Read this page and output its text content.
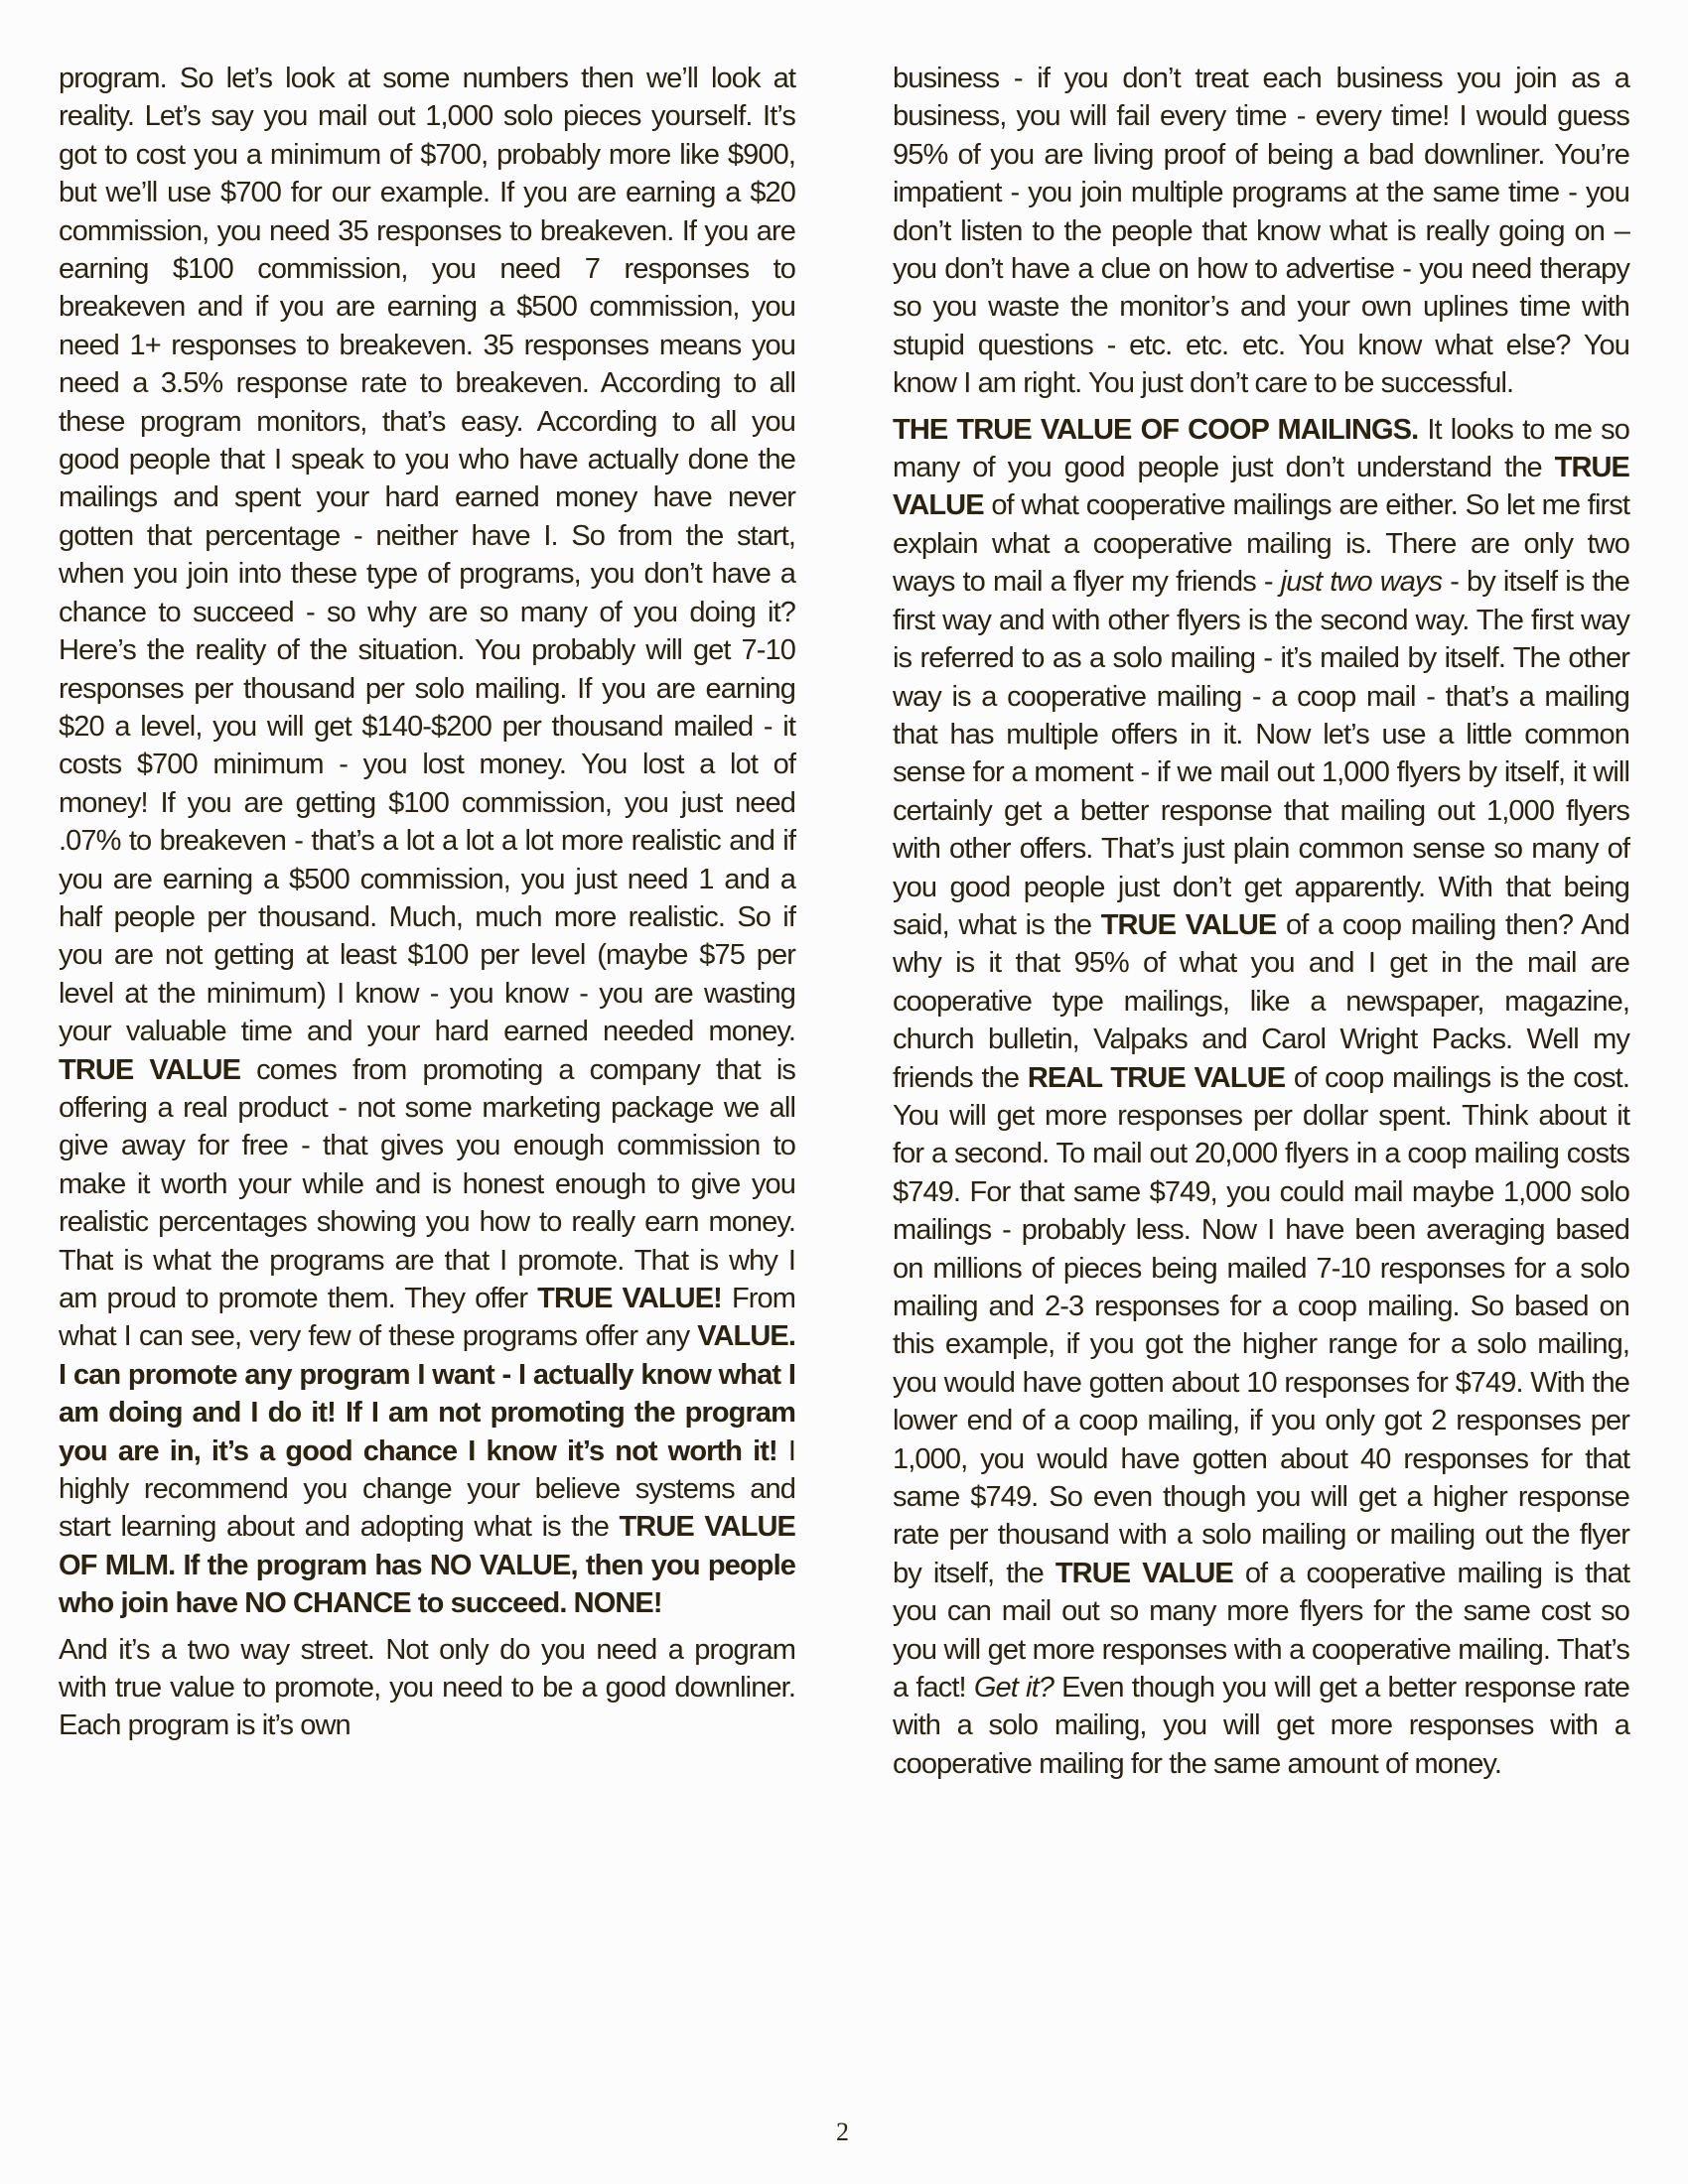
program. So let’s look at some numbers then we’ll look at reality. Let’s say you mail out 1,000 solo pieces yourself. It’s got to cost you a minimum of $700, probably more like $900, but we’ll use $700 for our example. If you are earning a $20 commission, you need 35 responses to breakeven. If you are earning $100 commission, you need 7 responses to breakeven and if you are earning a $500 commission, you need 1+ responses to breakeven. 35 responses means you need a 3.5% response rate to breakeven. According to all these program monitors, that’s easy. According to all you good people that I speak to you who have actually done the mailings and spent your hard earned money have never gotten that percentage - neither have I. So from the start, when you join into these type of programs, you don’t have a chance to succeed - so why are so many of you doing it? Here’s the reality of the situation. You probably will get 7-10 responses per thousand per solo mailing. If you are earning $20 a level, you will get $140-$200 per thousand mailed - it costs $700 minimum - you lost money. You lost a lot of money! If you are getting $100 commission, you just need .07% to breakeven - that’s a lot a lot a lot more realistic and if you are earning a $500 commission, you just need 1 and a half people per thousand. Much, much more realistic. So if you are not getting at least $100 per level (maybe $75 per level at the minimum) I know - you know - you are wasting your valuable time and your hard earned needed money. TRUE VALUE comes from promoting a company that is offering a real product - not some marketing package we all give away for free - that gives you enough commission to make it worth your while and is honest enough to give you realistic percentages showing you how to really earn money. That is what the programs are that I promote. That is why I am proud to promote them. They offer TRUE VALUE! From what I can see, very few of these programs offer any VALUE. I can promote any program I want - I actually know what I am doing and I do it! If I am not promoting the program you are in, it’s a good chance I know it’s not worth it! I highly recommend you change your believe systems and start learning about and adopting what is the TRUE VALUE OF MLM. If the program has NO VALUE, then you people who join have NO CHANCE to succeed. NONE!

And it’s a two way street. Not only do you need a program with true value to promote, you need to be a good downliner. Each program is it’s own

business - if you don’t treat each business you join as a business, you will fail every time - every time! I would guess 95% of you are living proof of being a bad downliner. You’re impatient - you join multiple programs at the same time - you don’t listen to the people that know what is really going on – you don’t have a clue on how to advertise - you need therapy so you waste the monitor’s and your own uplines time with stupid questions - etc. etc. etc. You know what else? You know I am right. You just don’t care to be successful.

THE TRUE VALUE OF COOP MAILINGS. It looks to me so many of you good people just don’t understand the TRUE VALUE of what cooperative mailings are either. So let me first explain what a cooperative mailing is. There are only two ways to mail a flyer my friends - just two ways - by itself is the first way and with other flyers is the second way. The first way is referred to as a solo mailing - it’s mailed by itself. The other way is a cooperative mailing - a coop mail - that’s a mailing that has multiple offers in it. Now let’s use a little common sense for a moment - if we mail out 1,000 flyers by itself, it will certainly get a better response that mailing out 1,000 flyers with other offers. That’s just plain common sense so many of you good people just don’t get apparently. With that being said, what is the TRUE VALUE of a coop mailing then? And why is it that 95% of what you and I get in the mail are cooperative type mailings, like a newspaper, magazine, church bulletin, Valpaks and Carol Wright Packs. Well my friends the REAL TRUE VALUE of coop mailings is the cost. You will get more responses per dollar spent. Think about it for a second. To mail out 20,000 flyers in a coop mailing costs $749. For that same $749, you could mail maybe 1,000 solo mailings - probably less. Now I have been averaging based on millions of pieces being mailed 7-10 responses for a solo mailing and 2-3 responses for a coop mailing. So based on this example, if you got the higher range for a solo mailing, you would have gotten about 10 responses for $749. With the lower end of a coop mailing, if you only got 2 responses per 1,000, you would have gotten about 40 responses for that same $749. So even though you will get a higher response rate per thousand with a solo mailing or mailing out the flyer by itself, the TRUE VALUE of a cooperative mailing is that you can mail out so many more flyers for the same cost so you will get more responses with a cooperative mailing. That’s a fact! Get it? Even though you will get a better response rate with a solo mailing, you will get more responses with a cooperative mailing for the same amount of money.

2
